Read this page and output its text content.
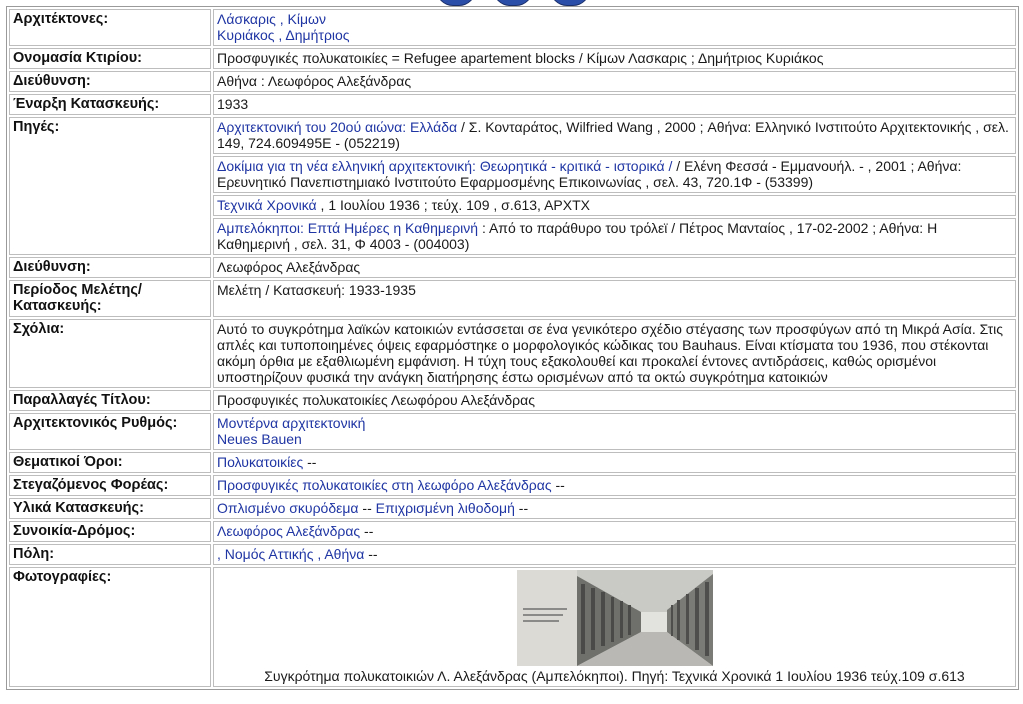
Αρχιτέκτονες:	Λάσκαρις , Κίμων
Κυριάκος , Δημήτριος
Ονομασία Κτιρίου:	Προσφυγικές πολυκατοικίες = Refugee apartement blocks / Κίμων Λασκαρις ; Δημήτριος Κυριάκος
Διεύθυνση:	Αθήνα : Λεωφόρος Αλεξάνδρας
Έναρξη Κατασκευής:	1933
Πηγές:	Αρχιτεκτονική του 20ού αιώνα: Ελλάδα / Σ. Κονταράτος, Wilfried Wang , 2000 ; Αθήνα: Ελληνικό Ινστιτούτο Αρχιτεκτονικής , σελ. 149, 724.609495E - (052219)
	Δοκίμια για τη νέα ελληνική αρχιτεκτονική: Θεωρητικά - κριτικά - ιστορικά / / Ελένη Φεσσά - Εμμανουήλ. - , 2001 ; Αθήνα: Ερευνητικό Πανεπιστημιακό Ινστιτούτο Εφαρμοσμένης Επικοινωνίας , σελ. 43, 720.1Φ - (53399)
	Τεχνικά Χρονικά , 1 Ιουλίου 1936 ; τεύχ. 109 , σ.613, ΑΡΧΤΧ
	Αμπελόκηποι: Επτά Ημέρες η Καθημερινή : Από το παράθυρο του τρόλεϊ / Πέτρος Μανταίος , 17-02-2002 ; Αθήνα: Η Καθημερινή , σελ. 31, Φ 4003 - (004003)
Διεύθυνση:	Λεωφόρος Αλεξάνδρας
Περίοδος Μελέτης/ Κατασκευής:	Μελέτη / Κατασκευή: 1933-1935
Σχόλια:	Αυτό το συγκρότημα λαϊκών κατοικιών εντάσσεται σε ένα γενικότερο σχέδιο στέγασης των προσφύγων από τη Μικρά Ασία. Στις απλές και τυποποιημένες όψεις εφαρμόστηκε ο μορφολογικός κώδικας του Bauhaus. Είναι κτίσματα του 1936, που στέκονται ακόμη όρθια με εξαθλιωμένη εμφάνιση. Η τύχη τους εξακολουθεί και προκαλεί έντονες αντιδράσεις, καθώς ορισμένοι υποστηρίζουν φυσικά την ανάγκη διατήρησης έστω ορισμένων από τα οκτώ συγκρότημα κατοικιών
Παραλλαγές Τίτλου:	Προσφυγικές πολυκατοικίες Λεωφόρου Αλεξάνδρας
Αρχιτεκτονικός Ρυθμός:	Μοντέρνα αρχιτεκτονική
Neues Bauen
Θεματικοί Όροι:	Πολυκατοικίες --
Στεγαζόμενος Φορέας:	Προσφυγικές πολυκατοικίες στη λεωφόρο Αλεξάνδρας --
Υλικά Κατασκευής:	Οπλισμένο σκυρόδεμα -- Επιχρισμένη λιθοδομή --
Συνοικία-Δρόμος:	Λεωφόρος Αλεξάνδρας --
Πόλη:	, Νομός Αττικής , Αθήνα --
Φωτογραφίες:	Συγκρότημα πολυκατοικιών Λ. Αλεξάνδρας (Αμπελόκηποι). Πηγή: Τεχνικά Χρονικά 1 Ιουλίου 1936 τεύχ.109 σ.613
